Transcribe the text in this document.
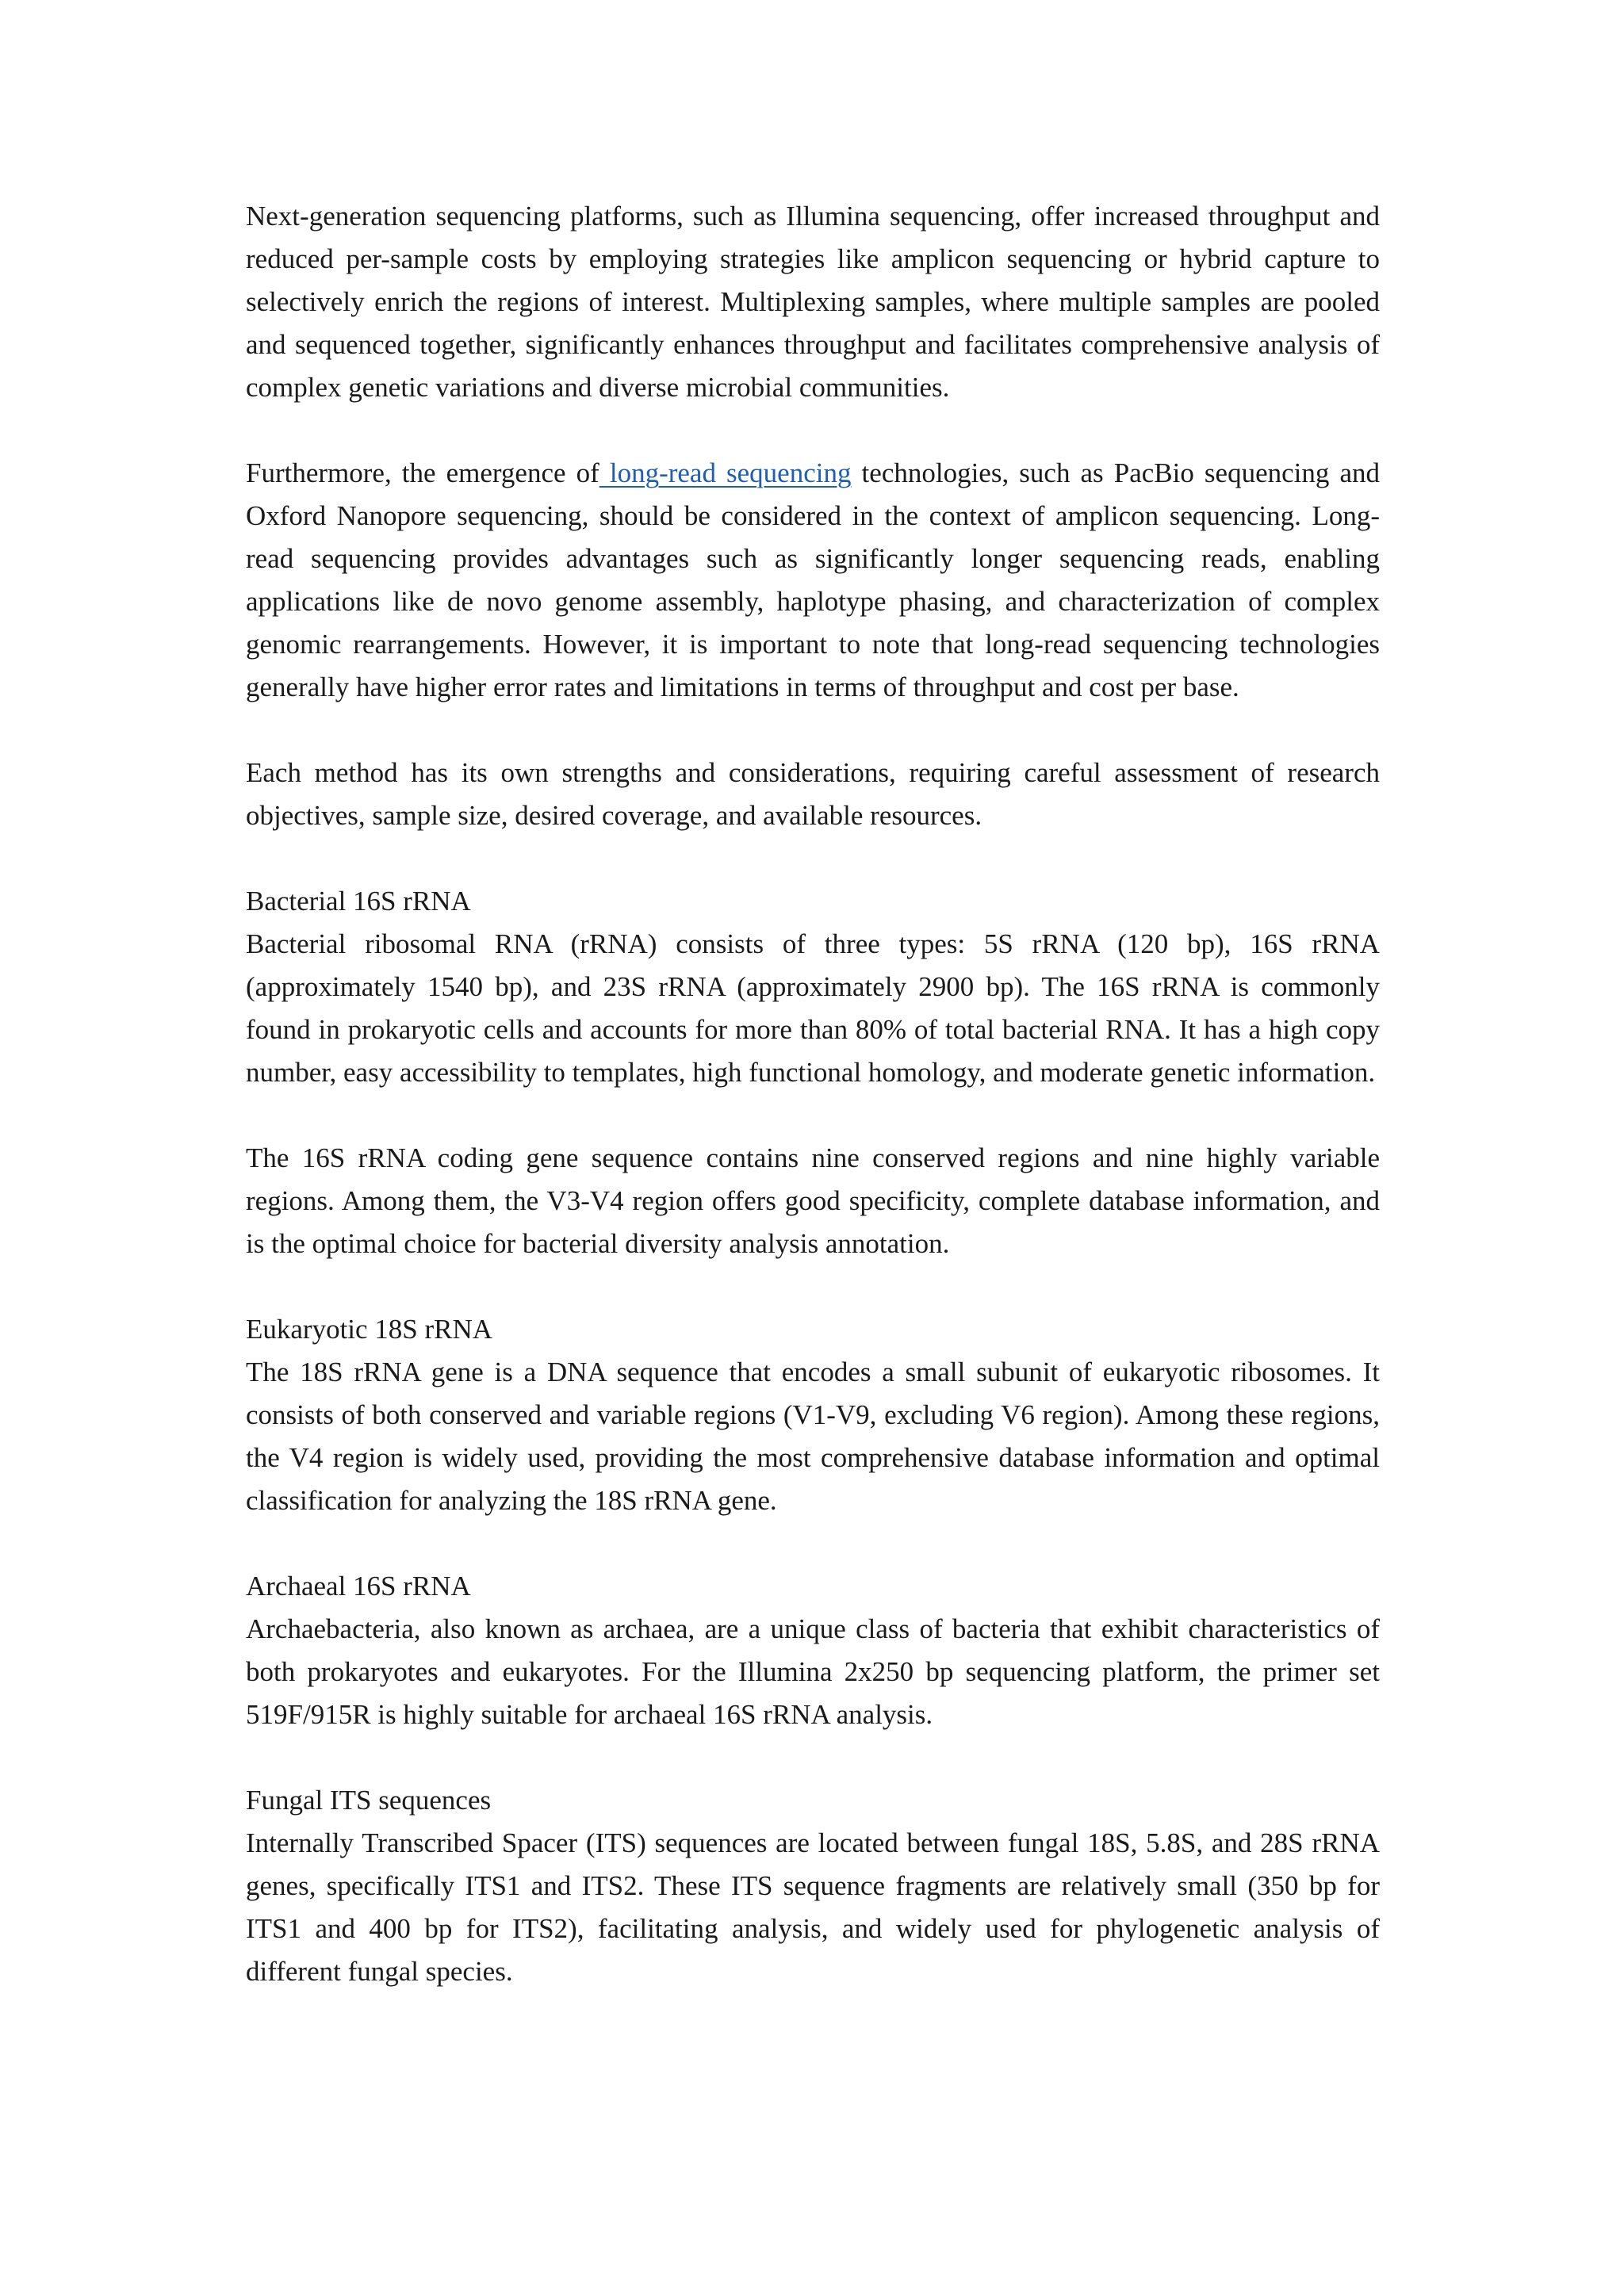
Next-generation sequencing platforms, such as Illumina sequencing, offer increased throughput and reduced per-sample costs by employing strategies like amplicon sequencing or hybrid capture to selectively enrich the regions of interest. Multiplexing samples, where multiple samples are pooled and sequenced together, significantly enhances throughput and facilitates comprehensive analysis of complex genetic variations and diverse microbial communities.

Furthermore, the emergence of long-read sequencing technologies, such as PacBio sequencing and Oxford Nanopore sequencing, should be considered in the context of amplicon sequencing. Long-read sequencing provides advantages such as significantly longer sequencing reads, enabling applications like de novo genome assembly, haplotype phasing, and characterization of complex genomic rearrangements. However, it is important to note that long-read sequencing technologies generally have higher error rates and limitations in terms of throughput and cost per base.

Each method has its own strengths and considerations, requiring careful assessment of research objectives, sample size, desired coverage, and available resources.

Bacterial 16S rRNA

Bacterial ribosomal RNA (rRNA) consists of three types: 5S rRNA (120 bp), 16S rRNA (approximately 1540 bp), and 23S rRNA (approximately 2900 bp). The 16S rRNA is commonly found in prokaryotic cells and accounts for more than 80% of total bacterial RNA. It has a high copy number, easy accessibility to templates, high functional homology, and moderate genetic information.

The 16S rRNA coding gene sequence contains nine conserved regions and nine highly variable regions. Among them, the V3-V4 region offers good specificity, complete database information, and is the optimal choice for bacterial diversity analysis annotation.

Eukaryotic 18S rRNA

The 18S rRNA gene is a DNA sequence that encodes a small subunit of eukaryotic ribosomes. It consists of both conserved and variable regions (V1-V9, excluding V6 region). Among these regions, the V4 region is widely used, providing the most comprehensive database information and optimal classification for analyzing the 18S rRNA gene.

Archaeal 16S rRNA

Archaebacteria, also known as archaea, are a unique class of bacteria that exhibit characteristics of both prokaryotes and eukaryotes. For the Illumina 2x250 bp sequencing platform, the primer set 519F/915R is highly suitable for archaeal 16S rRNA analysis.

Fungal ITS sequences

Internally Transcribed Spacer (ITS) sequences are located between fungal 18S, 5.8S, and 28S rRNA genes, specifically ITS1 and ITS2. These ITS sequence fragments are relatively small (350 bp for ITS1 and 400 bp for ITS2), facilitating analysis, and widely used for phylogenetic analysis of different fungal species.
